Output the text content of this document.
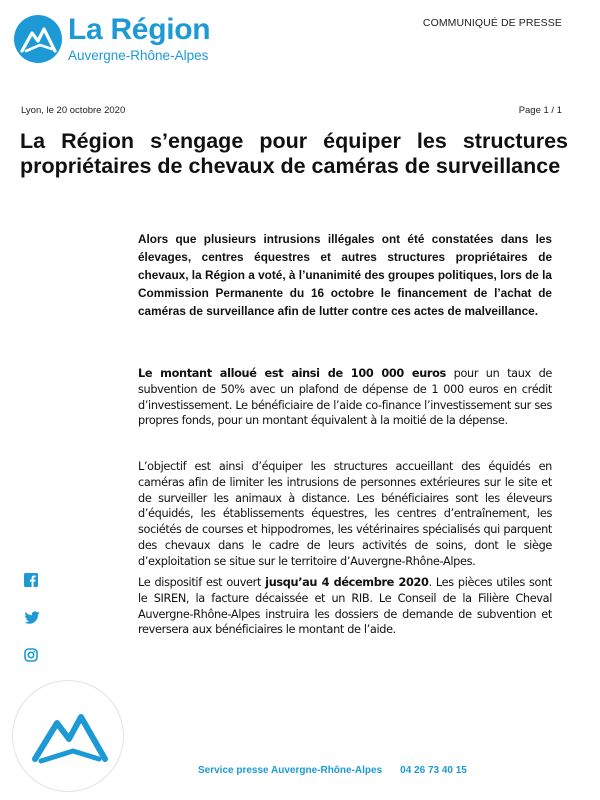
La Région
Auvergne-Rhône-Alpes
COMMUNIQUÉ DE PRESSE
Lyon, le 20 octobre 2020	Page 1 / 1
La Région s’engage pour équiper les structures propriétaires de chevaux de caméras de surveillance

Alors que plusieurs intrusions illégales ont été constatées dans les élevages, centres équestres et autres structures propriétaires de chevaux, la Région a voté, à l’unanimité des groupes politiques, lors de la Commission Permanente du 16 octobre le financement de l’achat de caméras de surveillance afin de lutter contre ces actes de malveillance.

Le montant alloué est ainsi de 100 000 euros pour un taux de subvention de 50% avec un plafond de dépense de 1 000 euros en crédit d’investissement. Le bénéficiaire de l’aide co-finance l’investissement sur ses propres fonds, pour un montant équivalent à la moitié de la dépense.

L’objectif est ainsi d’équiper les structures accueillant des équidés en caméras afin de limiter les intrusions de personnes extérieures sur le site et de surveiller les animaux à distance. Les bénéficiaires sont les éleveurs d’équidés, les établissements équestres, les centres d’entraînement, les sociétés de courses et hippodromes, les vétérinaires spécialisés qui parquent des chevaux dans le cadre de leurs activités de soins, dont le siège d’exploitation se situe sur le territoire d’Auvergne-Rhône-Alpes.

Le dispositif est ouvert jusqu’au 4 décembre 2020. Les pièces utiles sont le SIREN, la facture décaissée et un RIB. Le Conseil de la Filière Cheval Auvergne-Rhône-Alpes instruira les dossiers de demande de subvention et reversera aux bénéficiaires le montant de l’aide.

Service presse Auvergne-Rhône-Alpes 04 26 73 40 15
